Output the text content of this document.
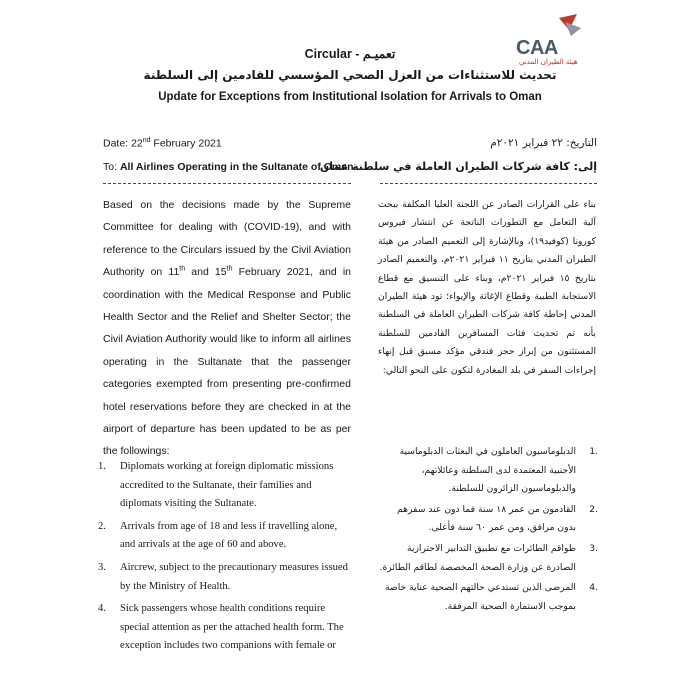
CAA
هيئة الطيران المدني
Circular - تعميـم
تحديث للاستثناءات من العزل الصحي المؤسسي للقادمين إلى السلطنة
Update for Exceptions from Institutional Isolation for Arrivals to Oman
Date: 22nd February 2021
To: All Airlines Operating in the Sultanate of Oman
التاريخ: ٢٢ فبراير ٢٠٢١م
إلى: كافة شركات الطيران العاملة في سلطنة عمان
Based on the decisions made by the Supreme Committee for dealing with (COVID-19), and with reference to the Circulars issued by the Civil Aviation Authority on 11th and 15th February 2021, and in coordination with the Medical Response and Public Health Sector and the Relief and Shelter Sector; the Civil Aviation Authority would like to inform all airlines operating in the Sultanate that the passenger categories exempted from presenting pre-confirmed hotel reservations before they are checked in at the airport of departure has been updated to be as per the followings:
1. Diplomats working at foreign diplomatic missions accredited to the Sultanate, their families and diplomats visiting the Sultanate.
2. Arrivals from age of 18 and less if travelling alone, and arrivals at the age of 60 and above.
3. Aircrew, subject to the precautionary measures issued by the Ministry of Health.
4. Sick passengers whose health conditions require special attention as per the attached health form. The exception includes two companions with female or
بناء على القرارات الصادر عن اللجنة العليا المكلفة ببحث آلية التعامل مع التطورات الناتجة عن انتشار فيروس كورونا (كوفيد١٩)، وبالإشارة إلى التعميم الصادر من هيئة الطيران المدني بتاريخ ١١ فبراير ٢٠٢١م، والتعميم الصادر بتاريخ ١٥ فبراير ٢٠٢١م، وبناء على التنسيق مع قطاع الاستجابة الطبية وقطاع الإغاثة والإيواء؛ تود هيئة الطيران المدني إحاطة كافة شركات الطيران العاملة في السلطنة بأنه تم تحديث فئات المسافرين القادمين للسلطنة المستثنون من إبراز حجز فندقي مؤكد مسبق قبل إنهاء إجراءات السفر في بلد المغادرة لتكون على النحو التالي:
1.
الدبلوماسيون العاملون في البعثات الدبلوماسية الأجنبية المعتمدة لدى السلطنة وعائلاتهم، والدبلوماسيون الزائرون للسلطنة.
2.
القادمون من عمر ١٨ سنة فما دون عند سفرهم بدون مرافق، ومن عمر ٦٠ سنة فأعلى.
3.
طواقم الطائرات مع تطبيق التدابير الاحترازية الصادرة عن وزارة الصحة المخصصة لطاقم الطائرة.
4.
المرضى الذين تستدعي حالتهم الصحية عناية خاصة بموجب الاستمارة الصحية المرفقة.
